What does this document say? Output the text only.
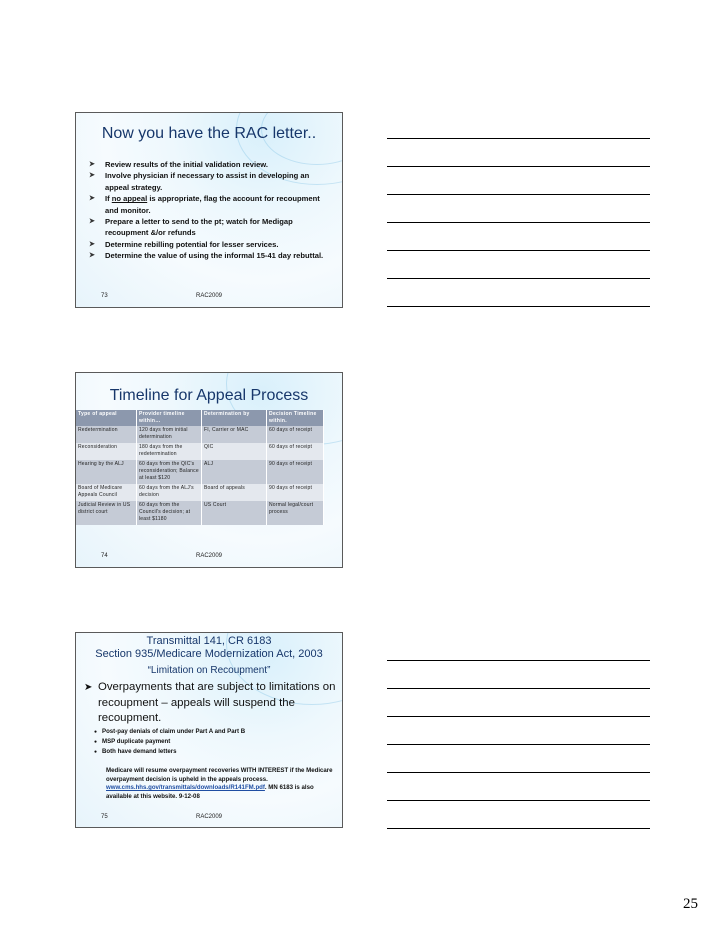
Now you have the RAC letter..
➤ Review results of the initial validation review.
➤ Involve physician if necessary to assist in developing an appeal strategy.
➤ If no appeal is appropriate, flag the account for recoupment and monitor.
➤ Prepare a letter to send to the pt; watch for Medigap recoupment &/or refunds
➤ Determine rebilling potential for lesser services.
➤ Determine the value of using the informal 15-41 day rebuttal.
73	RAC2009
Timeline for Appeal Process
Type of appeal	Provider timeline within…	Determination by	Decision Timeline within.
Redetermination	120 days from initial determination	FI, Carrier or MAC	60 days of receipt
Reconsideration	180 days from the redetermination	QIC	60 days of receipt
Hearing by the ALJ	60 days from the QIC's reconsideration; Balance at least $120	ALJ	90 days of receipt
Board of Medicare Appeals Council	60 days from the ALJ's decision	Board of appeals	90 days of receipt
Judicial Review in US district court	60 days from the Council's decision; at least $1180	US Court	Normal legal/court process
74	RAC2009
Transmittal 141, CR 6183
Section 935/Medicare Modernization Act, 2003
“Limitation on Recoupment”
➤ Overpayments that are subject to limitations on recoupment – appeals will suspend the recoupment.
● Post-pay denials of claim under Part A and Part B
● MSP duplicate payment
● Both have demand letters
Medicare will resume overpayment recoveries WITH INTEREST if the Medicare overpayment decision is upheld in the appeals process. www.cms.hhs.gov/transmittals/downloads/R141FM.pdf. MN 6183 is also available at this website. 9-12-08
75	RAC2009
25
